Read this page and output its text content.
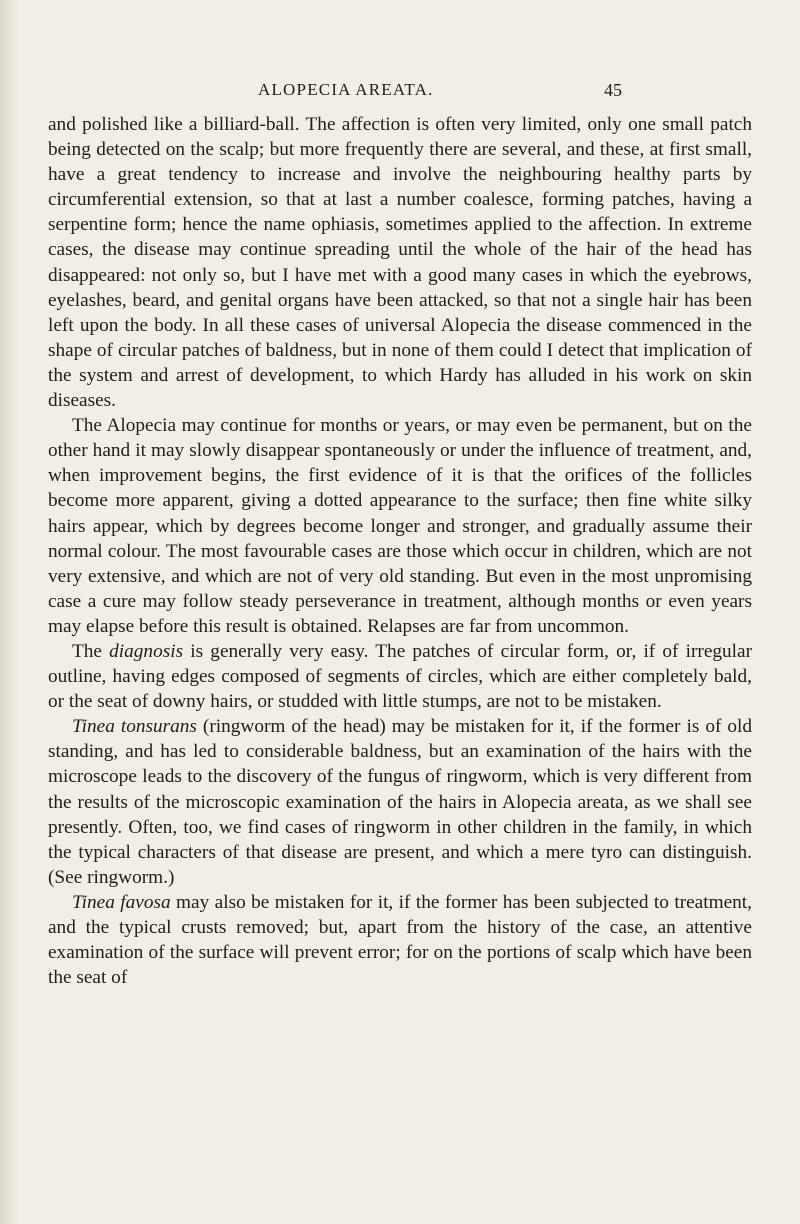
ALOPECIA AREATA.	45

and polished like a billiard-ball. The affection is often very limited, only one small patch being detected on the scalp; but more frequently there are several, and these, at first small, have a great tendency to increase and involve the neighbouring healthy parts by circumferential extension, so that at last a number coalesce, forming patches, having a serpentine form; hence the name ophiasis, sometimes applied to the affection. In extreme cases, the disease may continue spreading until the whole of the hair of the head has disappeared: not only so, but I have met with a good many cases in which the eyebrows, eyelashes, beard, and genital organs have been attacked, so that not a single hair has been left upon the body. In all these cases of universal Alopecia the disease commenced in the shape of circular patches of baldness, but in none of them could I detect that implication of the system and arrest of development, to which Hardy has alluded in his work on skin diseases.

The Alopecia may continue for months or years, or may even be permanent, but on the other hand it may slowly disappear spontaneously or under the influence of treatment, and, when improvement begins, the first evidence of it is that the orifices of the follicles become more apparent, giving a dotted appearance to the surface; then fine white silky hairs appear, which by degrees become longer and stronger, and gradually assume their normal colour. The most favourable cases are those which occur in children, which are not very extensive, and which are not of very old standing. But even in the most unpromising case a cure may follow steady perseverance in treatment, although months or even years may elapse before this result is obtained. Relapses are far from uncommon.

The diagnosis is generally very easy. The patches of circular form, or, if of irregular outline, having edges composed of segments of circles, which are either completely bald, or the seat of downy hairs, or studded with little stumps, are not to be mistaken.

Tinea tonsurans (ringworm of the head) may be mistaken for it, if the former is of old standing, and has led to considerable baldness, but an examination of the hairs with the microscope leads to the discovery of the fungus of ringworm, which is very different from the results of the microscopic examination of the hairs in Alopecia areata, as we shall see presently. Often, too, we find cases of ringworm in other children in the family, in which the typical characters of that disease are present, and which a mere tyro can distinguish. (See ringworm.)

Tinea favosa may also be mistaken for it, if the former has been subjected to treatment, and the typical crusts removed; but, apart from the history of the case, an attentive examination of the surface will prevent error; for on the portions of scalp which have been the seat of
